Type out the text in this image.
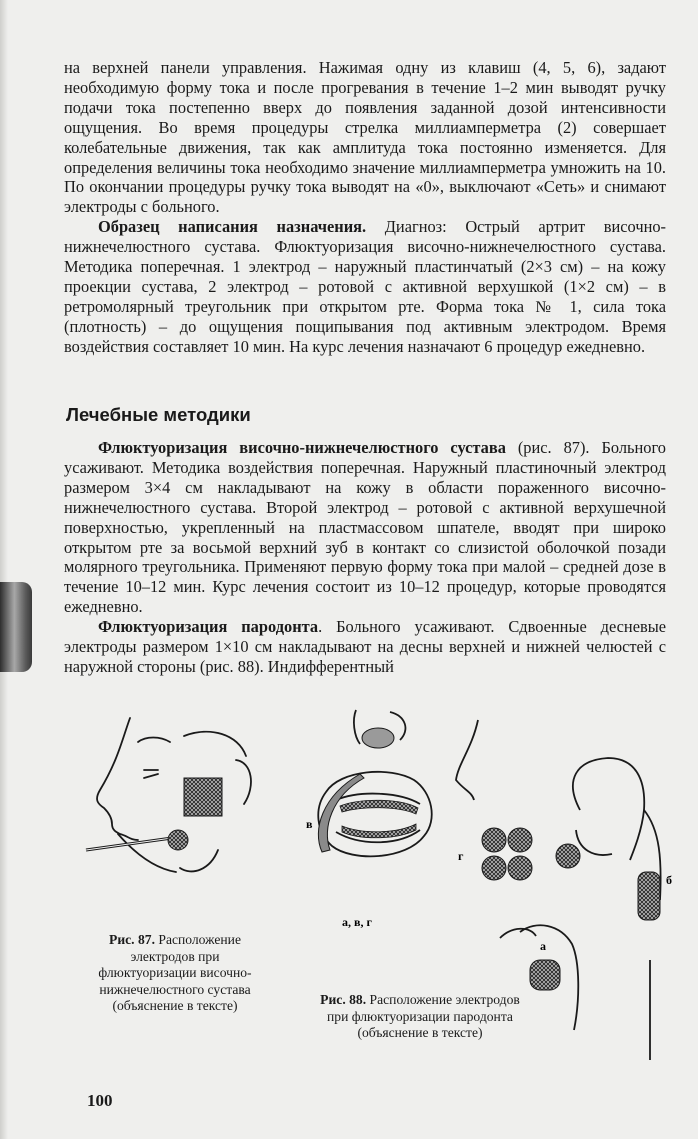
на верхней панели управления. Нажимая одну из клавиш (4, 5, 6), задают необходимую форму тока и после прогревания в течение 1–2 мин выводят ручку подачи тока постепенно вверх до появления заданной дозой интенсивности ощущения. Во время процедуры стрелка миллиамперметра (2) совершает колебательные движения, так как амплитуда тока постоянно изменяется. Для определения величины тока необходимо значение миллиамперметра умножить на 10. По окончании процедуры ручку тока выводят на «0», выключают «Сеть» и снимают электроды с больного.

Образец написания назначения. Диагноз: Острый артрит височно-нижнечелюстного сустава. Флюктуоризация височно-нижнечелюстного сустава. Методика поперечная. 1 электрод – наружный пластинчатый (2×3 см) – на кожу проекции сустава, 2 электрод – ротовой с активной верхушкой (1×2 см) – в ретромолярный треугольник при открытом рте. Форма тока № 1, сила тока (плотность) – до ощущения пощипывания под активным электродом. Время воздействия составляет 10 мин. На курс лечения назначают 6 процедур ежедневно.

Лечебные методики

Флюктуоризация височно-нижнечелюстного сустава (рис. 87). Больного усаживают. Методика воздействия поперечная. Наружный пластиночный электрод размером 3×4 см накладывают на кожу в области пораженного височно-нижнечелюстного сустава. Второй электрод – ротовой с активной верхушечной поверхностью, укрепленный на пластмассовом шпателе, вводят при широко открытом рте за восьмой верхний зуб в контакт со слизистой оболочкой позади молярного треугольника. Применяют первую форму тока при малой – средней дозе в течение 10–12 мин. Курс лечения состоит из 10–12 процедур, которые проводятся ежедневно.

Флюктуоризация пародонта. Больного усаживают. Сдвоенные десневые электроды размером 1×10 см накладывают на десны верхней и нижней челюстей с наружной стороны (рис. 88). Индифферентный

в
а, в, г
г
а
б
Рис. 87. Расположение электродов при флюктуоризации височно-нижнечелюстного сустава (объяснение в тексте)	Рис. 88. Расположение электродов при флюктуоризации пародонта (объяснение в тексте)
100
